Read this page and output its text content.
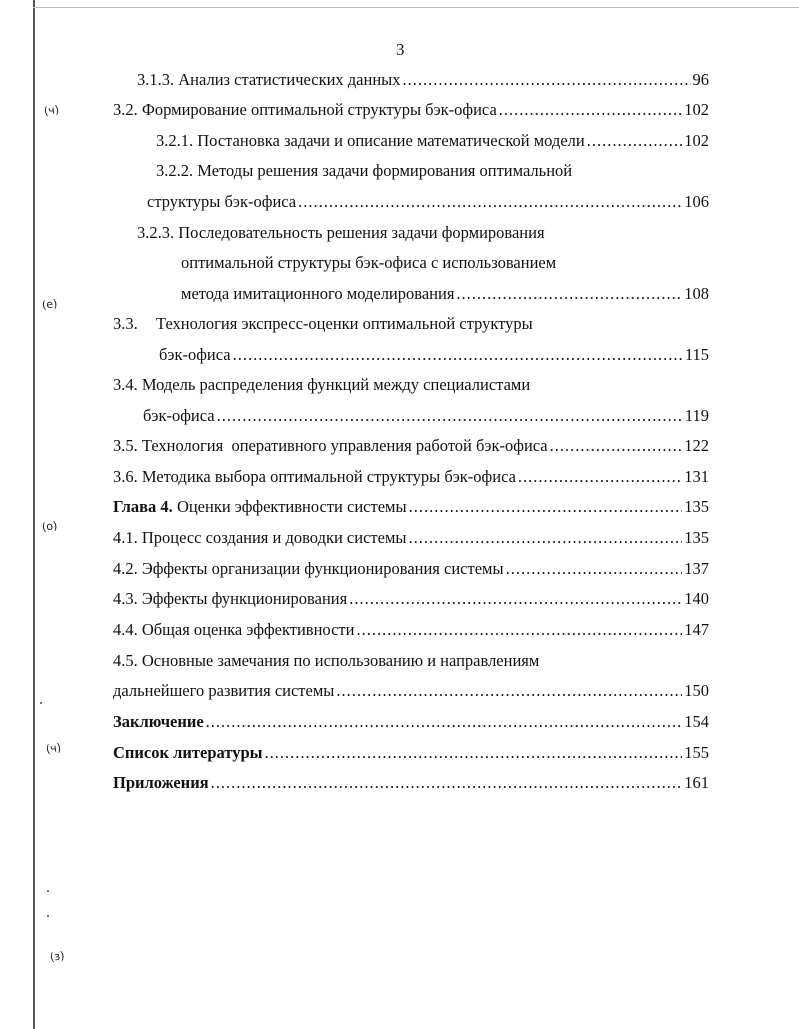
3
(ч)
(е)
(о)
(ч)
(з)
3.1.3. Анализ статистических данных .....	96
3.2. Формирование оптимальной структуры бэк-офиса .....	102
3.2.1. Постановка задачи и описание математической модели .....	102
3.2.2. Методы решения задачи формирования оптимальной
структуры бэк-офиса .....	106
3.2.3. Последовательность решения задачи формирования
оптимальной структуры бэк-офиса с использованием
метода имитационного моделирования .....	108
3.3. Технология экспресс-оценки оптимальной структуры
бэк-офиса .....	115
3.4. Модель распределения функций между специалистами
бэк-офиса .....	119
3.5. Технология  оперативного управления работой бэк-офиса .....	122
3.6. Методика выбора оптимальной структуры бэк-офиса .....	131
Глава 4. Оценки эффективности системы .....	135
4.1. Процесс создания и доводки системы .....	135
4.2. Эффекты организации функционирования системы .....	137
4.3. Эффекты функционирования .....	140
4.4. Общая оценка эффективности .....	147
4.5. Основные замечания по использованию и направлениям
дальнейшего развития системы .....	150
Заключение .....	154
Список литературы .....	155
Приложения .....	161
